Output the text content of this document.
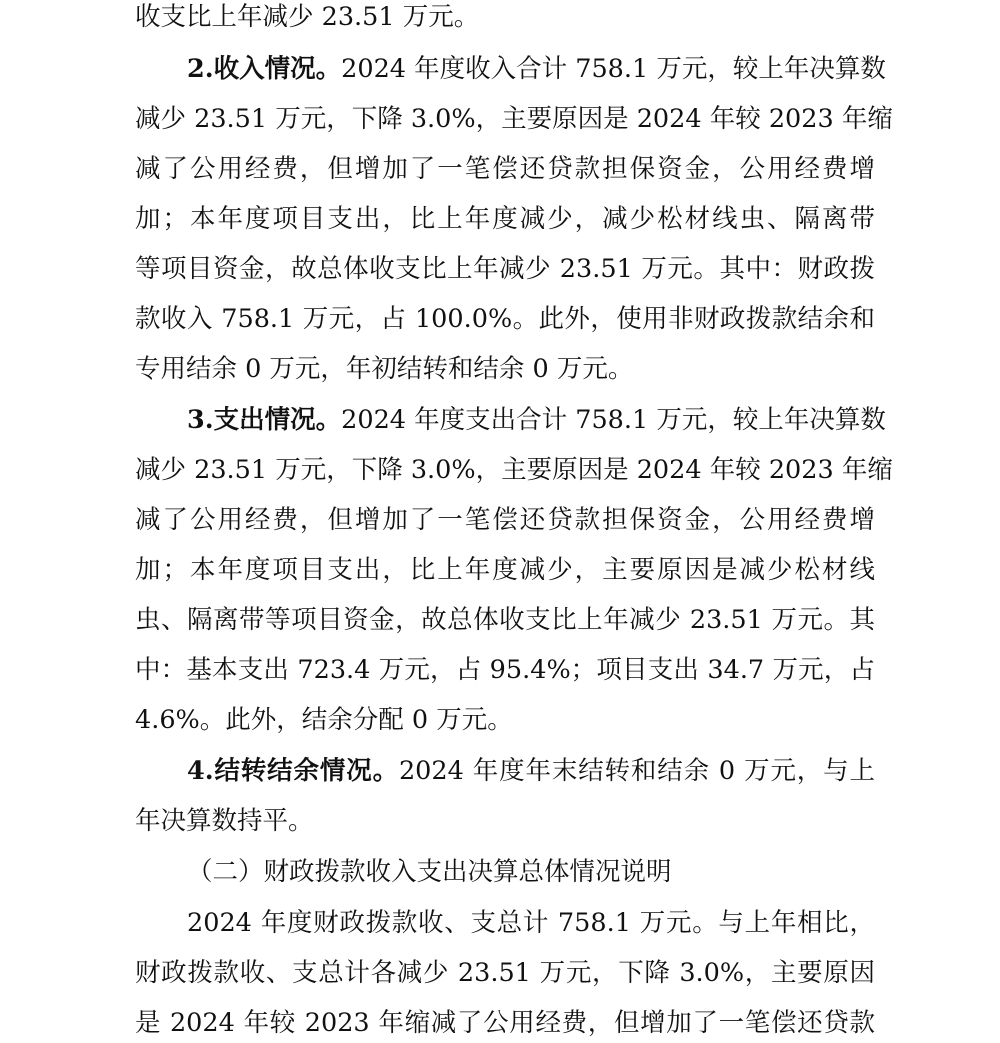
收支比上年减少 23.51 万元。
2.收入情况。2024 年度收入合计 758.1 万元，较上年决算数
减少 23.51 万元，下降 3.0%，主要原因是 2024 年较 2023 年缩
减了公用经费，但增加了一笔偿还贷款担保资金，公用经费增
加；本年度项目支出，比上年度减少，减少松材线虫、隔离带
等项目资金，故总体收支比上年减少 23.51 万元。其中：财政拨
款收入 758.1 万元，占 100.0%。此外，使用非财政拨款结余和
专用结余 0 万元，年初结转和结余 0 万元。
3.支出情况。2024 年度支出合计 758.1 万元，较上年决算数
减少 23.51 万元，下降 3.0%，主要原因是 2024 年较 2023 年缩
减了公用经费，但增加了一笔偿还贷款担保资金，公用经费增
加；本年度项目支出，比上年度减少，主要原因是减少松材线
虫、隔离带等项目资金，故总体收支比上年减少 23.51 万元。其
中：基本支出 723.4 万元，占 95.4%；项目支出 34.7 万元，占
4.6%。此外，结余分配 0 万元。
4.结转结余情况。2024 年度年末结转和结余 0 万元，与上
年决算数持平。
（二）财政拨款收入支出决算总体情况说明
2024 年度财政拨款收、支总计 758.1 万元。与上年相比，
财政拨款收、支总计各减少 23.51 万元，下降 3.0%，主要原因
是 2024 年较 2023 年缩减了公用经费，但增加了一笔偿还贷款
